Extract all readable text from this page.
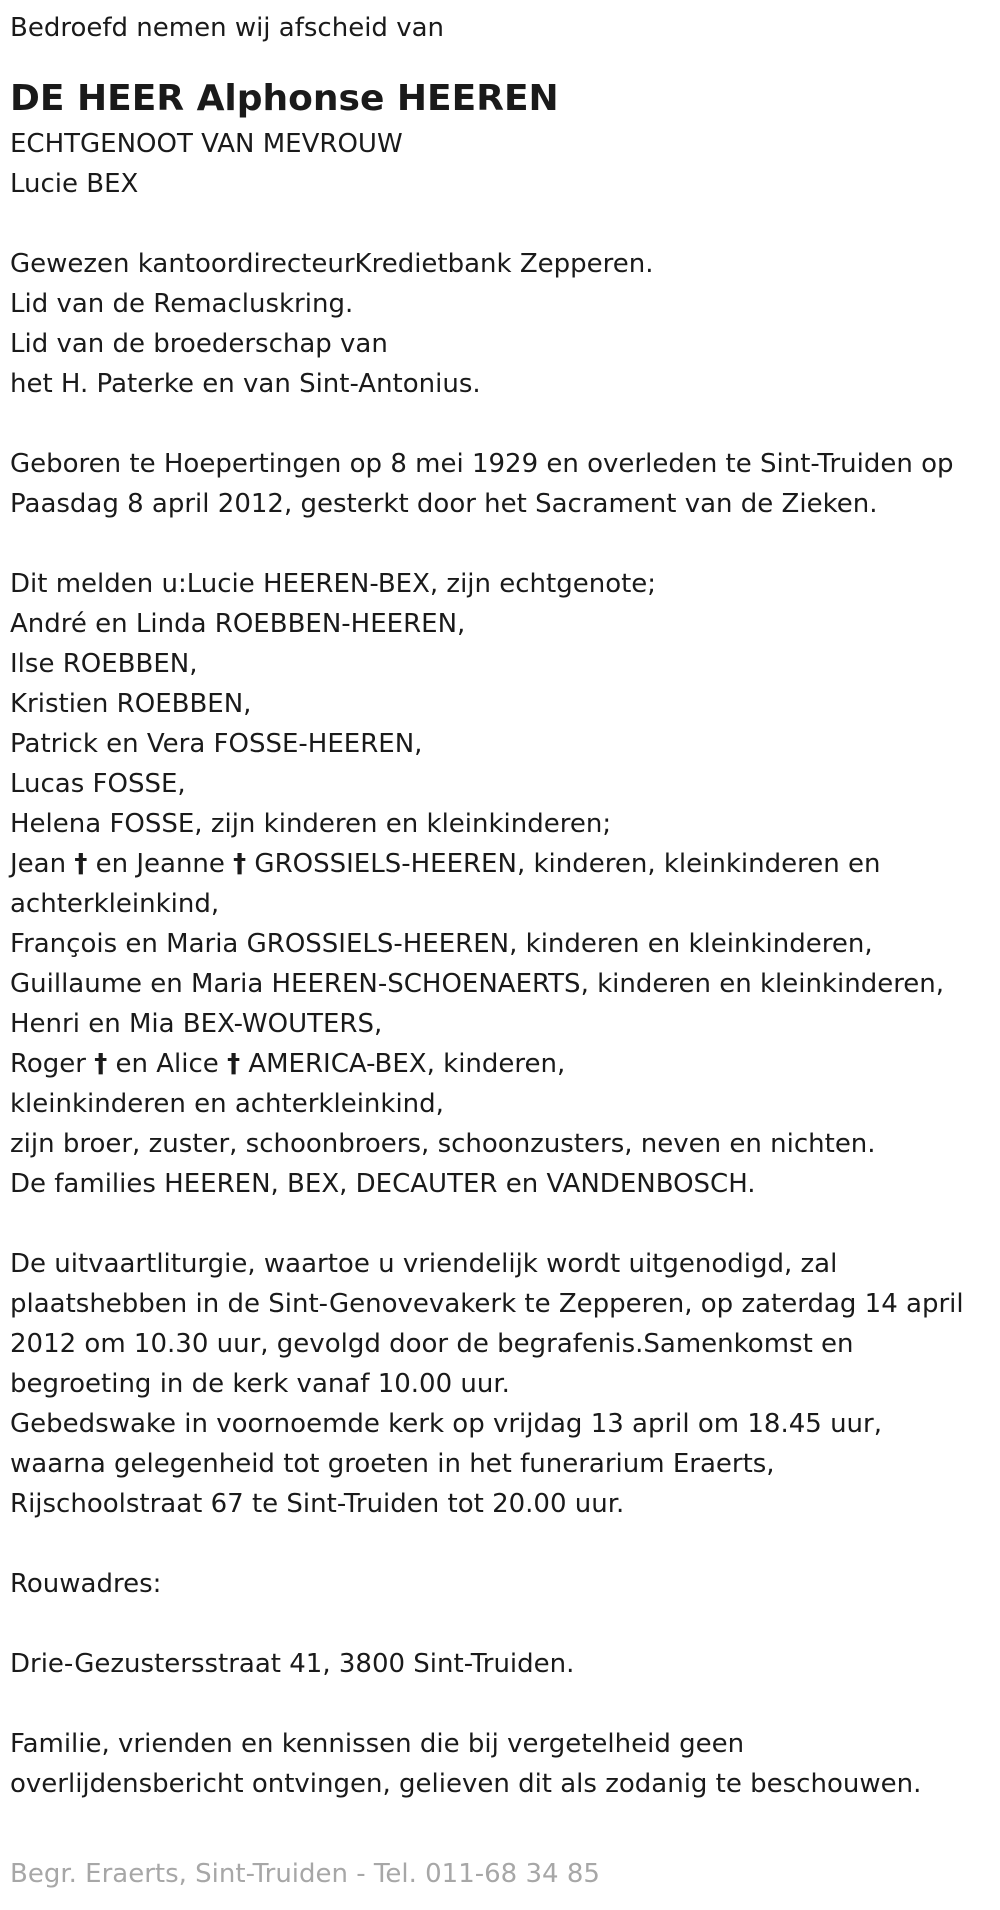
Bedroefd nemen wij afscheid van
DE HEER Alphonse HEEREN
ECHTGENOOT VAN MEVROUW
Lucie BEX
Gewezen kantoordirecteurKredietbank Zepperen.
Lid van de Remacluskring.
Lid van de broederschap van
het H. Paterke en van Sint-Antonius.
Geboren te Hoepertingen op 8 mei 1929 en overleden te Sint-Truiden op
Paasdag 8 april 2012, gesterkt door het Sacrament van de Zieken.
Dit melden u:Lucie HEEREN-BEX, zijn echtgenote;
André en Linda ROEBBEN-HEEREN,
Ilse ROEBBEN,
Kristien ROEBBEN,
Patrick en Vera FOSSE-HEEREN,
Lucas FOSSE,
Helena FOSSE, zijn kinderen en kleinkinderen;
Jean † en Jeanne † GROSSIELS-HEEREN, kinderen, kleinkinderen en
achterkleinkind,
François en Maria GROSSIELS-HEEREN, kinderen en kleinkinderen,
Guillaume en Maria HEEREN-SCHOENAERTS, kinderen en kleinkinderen,
Henri en Mia BEX-WOUTERS,
Roger † en Alice † AMERICA-BEX, kinderen,
kleinkinderen en achterkleinkind,
zijn broer, zuster, schoonbroers, schoonzusters, neven en nichten.
De families HEEREN, BEX, DECAUTER en VANDENBOSCH.
De uitvaartliturgie, waartoe u vriendelijk wordt uitgenodigd, zal
plaatshebben in de Sint-Genovevakerk te Zepperen, op zaterdag 14 april
2012 om 10.30 uur, gevolgd door de begrafenis.Samenkomst en
begroeting in de kerk vanaf 10.00 uur.
Gebedswake in voornoemde kerk op vrijdag 13 april om 18.45 uur,
waarna gelegenheid tot groeten in het funerarium Eraerts,
Rijschoolstraat 67 te Sint-Truiden tot 20.00 uur.
Rouwadres:
Drie-Gezustersstraat 41, 3800 Sint-Truiden.
Familie, vrienden en kennissen die bij vergetelheid geen
overlijdensbericht ontvingen, gelieven dit als zodanig te beschouwen.
Begr. Eraerts, Sint-Truiden - Tel. 011-68 34 85
